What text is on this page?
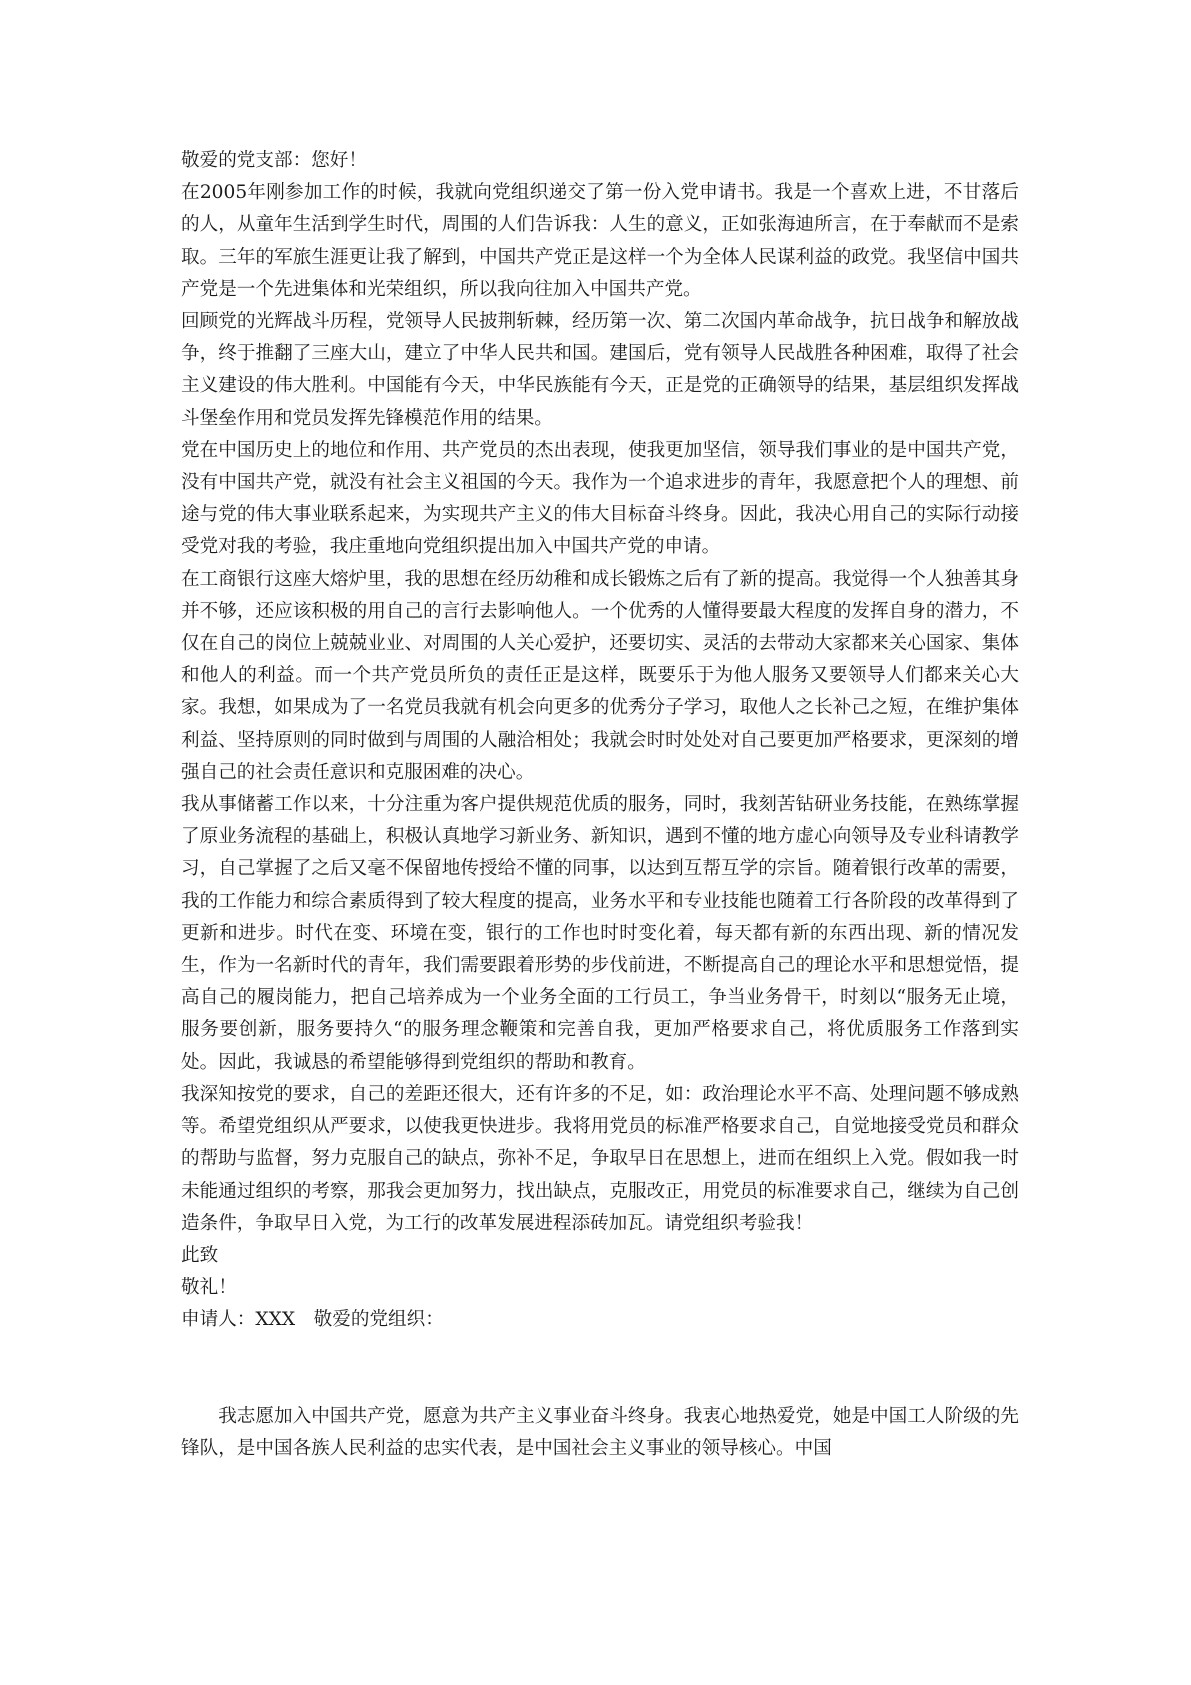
敬爱的党支部：您好！

在2005年刚参加工作的时候，我就向党组织递交了第一份入党申请书。我是一个喜欢上进，不甘落后的人，从童年生活到学生时代，周围的人们告诉我：人生的意义，正如张海迪所言，在于奉献而不是索取。三年的军旅生涯更让我了解到，中国共产党正是这样一个为全体人民谋利益的政党。我坚信中国共产党是一个先进集体和光荣组织，所以我向往加入中国共产党。

回顾党的光辉战斗历程，党领导人民披荆斩棘，经历第一次、第二次国内革命战争，抗日战争和解放战争，终于推翻了三座大山，建立了中华人民共和国。建国后，党有领导人民战胜各种困难，取得了社会主义建设的伟大胜利。中国能有今天，中华民族能有今天，正是党的正确领导的结果，基层组织发挥战斗堡垒作用和党员发挥先锋模范作用的结果。

党在中国历史上的地位和作用、共产党员的杰出表现，使我更加坚信，领导我们事业的是中国共产党，没有中国共产党，就没有社会主义祖国的今天。我作为一个追求进步的青年，我愿意把个人的理想、前途与党的伟大事业联系起来，为实现共产主义的伟大目标奋斗终身。因此，我决心用自己的实际行动接受党对我的考验，我庄重地向党组织提出加入中国共产党的申请。

在工商银行这座大熔炉里，我的思想在经历幼稚和成长锻炼之后有了新的提高。我觉得一个人独善其身并不够，还应该积极的用自己的言行去影响他人。一个优秀的人懂得要最大程度的发挥自身的潜力，不仅在自己的岗位上兢兢业业、对周围的人关心爱护，还要切实、灵活的去带动大家都来关心国家、集体和他人的利益。而一个共产党员所负的责任正是这样，既要乐于为他人服务又要领导人们都来关心大家。我想，如果成为了一名党员我就有机会向更多的优秀分子学习，取他人之长补己之短，在维护集体利益、坚持原则的同时做到与周围的人融洽相处；我就会时时处处对自己要更加严格要求，更深刻的增强自己的社会责任意识和克服困难的决心。

我从事储蓄工作以来，十分注重为客户提供规范优质的服务，同时，我刻苦钻研业务技能，在熟练掌握了原业务流程的基础上，积极认真地学习新业务、新知识，遇到不懂的地方虚心向领导及专业科请教学习，自己掌握了之后又毫不保留地传授给不懂的同事，以达到互帮互学的宗旨。随着银行改革的需要，我的工作能力和综合素质得到了较大程度的提高，业务水平和专业技能也随着工行各阶段的改革得到了更新和进步。时代在变、环境在变，银行的工作也时时变化着，每天都有新的东西出现、新的情况发生，作为一名新时代的青年，我们需要跟着形势的步伐前进，不断提高自己的理论水平和思想觉悟，提高自己的履岗能力，把自己培养成为一个业务全面的工行员工，争当业务骨干，时刻以“服务无止境，服务要创新，服务要持久“的服务理念鞭策和完善自我，更加严格要求自己，将优质服务工作落到实处。因此，我诚恳的希望能够得到党组织的帮助和教育。

我深知按党的要求，自己的差距还很大，还有许多的不足，如：政治理论水平不高、处理问题不够成熟等。希望党组织从严要求，以使我更快进步。我将用党员的标准严格要求自己，自觉地接受党员和群众的帮助与监督，努力克服自己的缺点，弥补不足，争取早日在思想上，进而在组织上入党。假如我一时未能通过组织的考察，那我会更加努力，找出缺点，克服改正，用党员的标准要求自己，继续为自己创造条件，争取早日入党，为工行的改革发展进程添砖加瓦。请党组织考验我！

此致

敬礼！

申请人：XXX　敬爱的党组织：

我志愿加入中国共产党，愿意为共产主义事业奋斗终身。我衷心地热爱党，她是中国工人阶级的先锋队，是中国各族人民利益的忠实代表，是中国社会主义事业的领导核心。中国
